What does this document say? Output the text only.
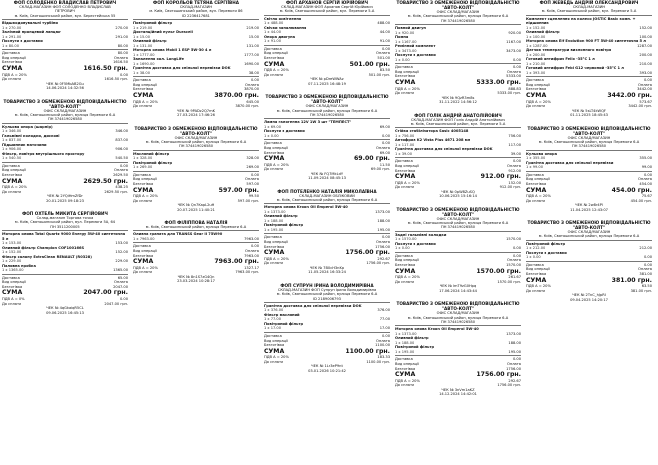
ФОП СОЛОДЕНКО ВЛАДИСЛАВ ПЕТРОВИЧ
СКЛАД-МАГАЗИН ФОП СОЛОДЕНКО ВЛАДИСЛАВ
ПЕТРОВИЧ
м. Київ, Святошинський район, вул. Берестейська 55
Відшкодовувальні турбіни
1 x 270.00	270.00
Залізний пронцевий ланцюг
1 x 291.00	291.00
Послуги з доставки
1 x 80.00	80.00
Доставка	80.00
Вид операції	Оплата
Безготівка	1616.50
СУМА	1616.50 грн.
ПДВ А = 20%	0.00
До сплати	1616.50 грн.
ЧЕК № 0F5MbAB2Gu
14.06.2024 14:32:56
ТОВАРИСТВО З ОБМЕЖЕНОЮ ВІДПОВІДАЛЬНІСТЮ "АВТО-КОЛТ"
ОФІС СКЛАД/МАГАЗИН
м. Київ, Святошинський район, вулиця Перемоги 6-А
ПН 374419026580
Кульова опора (шарнір)
1 x 346.00	346.00
Гальмівні колодки, дискові
1 x 837.00	837.00
Підшипник маточини
1 x 906.00	906.00
Фільтр, повітря внутрішнього простору
1 x 540.50	540.50
Доставка	0.00
Вид операції	Оплата
Безготівка	2629.50
СУМА	2629.50 грн.
ПДВ А = 20%	438.25
До сплати	2629.50 грн.
ЧЕК № 2YQiHmZfDr
20.01.2025 09:18:23
ФОП ОХТЕЛЬ МИКИТА СЕРГІЙОВИЧ
Склад-магазин Торгова точка
м. Київ, Святошинський район, вул. Перемоги 5А, 64
ПН 3511200005
Моторна олива Total Quartz 9000 Energy 5W-40 синтетична 5 л
1 x 153.00	153.00
Оливний фільтр Champion COF100166S
1 x 152.00	152.00
Фільтр салону ExtraClean RENAULT (R0328)
1 x 229.00	229.00
Паливна пробка
1 x 1365.00	1365.00
Доставка	65.00
Вид операції	Оплата
Безготівка	2047.00
СУМА	2047.00 грн.
ПДВ А = 0%	0.00
До сплати	2047.00 грн.
ЧЕК № 4qGkaiqR5CL
09.06.2025 16:45:13
ФОП КОРОЛЬОВ ТЕТЯНА СЕРГІЇВНА
СКЛАД-МАГАЗИН
м. Київ, Святошинський район, вул. Перемоги 86
ID 2236417681
Повітряний фільтр
1 x 219.00	219.00
Дистанційний пульт Duracell
1 x 15.00	15.00
Оливний фільтр
1 x 131.00	131.00
Моторна олива Mobil 1 ESP 5W-30 4 л
1 x 1777.00	1777.00
Запалення хол. LongLife
1 x 1690.00	1690.00
Гранітна доставка для спільної перевізки DOK
1 x 38.00	38.00
Доставка	0.00
Вид операції	Оплата
Безготівка	3870.00
СУМА	3870.00 грн.
ПДВ А = 20%	645.00
До сплати	3870.00 грн.
ЧЕК № 9PADz2Q7mK
27.03.2024 17:46:26
ТОВАРИСТВО З ОБМЕЖЕНОЮ ВІДПОВІДАЛЬНІСТЮ "АВТО-КОЛТ"
ОФІС СКЛАД/МАГАЗИН
м. Київ, Святошинський район, вулиця Перемоги 6-А
ПН 374419026580
Масляний фільтр
1 x 328.00	328.00
Повітряний фільтр
1 x 269.00	269.00
Доставка	0.00
Вид операції	Оплата
Безготівка	597.00
СУМА	597.00 грн.
ПДВ А = 20%	99.50
До сплати	597.00 грн.
ЧЕК № Qn7KapL2uH
20.07.2025 11:40:21
ФОП ФІЛІППОВА НАТАЛІЯ
м. Київ, Святошинський район, вулиця Перемоги 6-А
Оливна граната для TRANSS Gear II 75W90
1 x 7963.00	7963.00
Доставка	0.00
Вид операції	Оплата
Безготівка	7963.00
СУМА	7963.00 грн.
ПДВ А = 20%	1327.17
До сплати	7963.00 грн.
ЧЕК № 8n1S7zG4Qn
23.03.2024 10:28:17
ФОП АРХАНОВ СЕРГІЙ ЮРІЙОВИЧ
СКЛАД-МАГАЗИН ФОП Арханов Сергій Юрійович
м. Київ, Святошинський район, вул. Перемоги 5-А
Світло освітлення
1 x 488.00	488.00
Свічки запалювання
1 x 44.00	44.00
Опора двигуна
1 x 91.00	91.00
Доставка	0.00
Вид операції	Оплата
Безготівка	501.00
СУМА	501.00 грн.
ПДВ А = 20%	83.50
До сплати	501.00 грн.
ЧЕК № pDreWWAz
07.11.2025 16:48:19
ТОВАРИСТВО З ОБМЕЖЕНОЮ ВІДПОВІДАЛЬНІСТЮ "АВТО-КОЛТ"
ОФІС СКЛАД/МАГАЗИН
м. Київ, Святошинський район, вулиця Перемоги 6-А
ПН 374419026580
Лампа галогенна 12V 1W 3 шт "ТЕМПЕСТ"
1 x 69.00	69.00
Послуги з доставки
1 x 0.00	0.00
Доставка	0.00
Вид операції	Оплата
Безготівка	69.00
СУМА	69.00 грн.
ПДВ А = 20%	11.50
До сплати	69.00 грн.
ЧЕК № FQ7MkLdY
11.09.2024 08:45:13
ФОП ПОТЕЛЕНКО НАТАЛІЯ МИКОЛАЇВНА
СКЛАД-МАГАЗИН ОБЛІКОВИЙ
м. Київ, Святошинський район, вулиця Перемоги 6-А
Моторна олива Kroon Oil Emperol 5W-40
1 x 1373.00	1373.00
Оливний фільтр
1 x 188.00	188.00
Повітряний фільтр
1 x 195.00	195.00
Доставка	0.00
Вид операції	Оплата
Безготівка	1756.00
СУМА	1756.00 грн.
ПДВ А = 20%	292.67
До сплати	1756.00 грн.
ЧЕК № 7B0cH3nKp
11.05.2024 16:33:24
ФОП СУПРУН ІРИНА ВОЛОДИМИРІВНА
СКЛАД-МАГАЗИН ФОП Супрун Ірина Володимирівна
м. Київ, Святошинський район, вулиця Перемоги 6-А
ID 2189006793
Гранітна доставка для спільної перевізки DOK
1 x 376.00	376.00
Фільтр масляний
1 x 77.00	77.00
Повітряний фільтр
1 x 17.00	17.00
Доставка	0.00
Вид операції	Оплата
Безготівка	1100.00
СУМА	1100.00 грн.
ПДВ А = 20%	183.33
До сплати	1100.00 грн.
ЧЕК № 1Lr3eP9nt
03.01.2026 10:21:42
ТОВАРИСТВО З ОБМЕЖЕНОЮ ВІДПОВІДАЛЬНІСТЮ "АВТО-КОЛТ"
ОФІС СКЛАД/МАГАЗИН
м. Київ, Святошинський район, вулиця Перемоги 6-А
ПН 374419026580
Повний двигун
1 x 920.00	920.00
Помпа
1 x 1167.00	1167.00
Ремінний комплект
1 x 3473.00	3473.00
Послуги з доставки
1 x 0.00	0.00
Доставка	0.00
Вид операції	Оплата
Безготівка	5333.00
СУМА	5333.00 грн.
ПДВ А = 20%	888.83
До сплати	5333.00 грн.
ЧЕК № 9QzR3m8s
31.11.2022 14:56:12
ФОП ГОЛІК АНДРІЙ АНАТОЛІЙОВИЧ
СКЛАД-МАГАЗИН ФОП Голік Андрій Анатолійович
м. Київ, Святошинський район, вул. Перемоги 5-А
Стійка стабілізатора Sasic 4005148
1 x 756.00	756.00
Антифриз K2 Vista Plus 4671 208 мл
1 x 117.00	117.00
Гранітна доставка для спільної перевізки DOK
1 x 39.00	39.00
Доставка	0.00
Вид операції	Оплата
Безготівка	912.00
СУМА	912.00 грн.
ПДВ А = 20%	152.00
До сплати	912.00 грн.
ЧЕК № 0pW8ZuSQ
10.06.2025 15:16:14
ТОВАРИСТВО З ОБМЕЖЕНОЮ ВІДПОВІДАЛЬНІСТЮ "АВТО-КОЛТ"
ОФІС СКЛАД/МАГАЗИН
м. Київ, Святошинський район, вулиця Перемоги 6-А
ПН 374419026580
Задні гальмівні колодки
1 x 1570.00	1570.00
Послуги з доставки
1 x 0.00	0.00
Доставка	0.00
Вид операції	Оплата
Безготівка	1570.00
СУМА	1570.00 грн.
ПДВ А = 20%	261.67
До сплати	1570.00 грн.
ЧЕК № lmT9zG0Hpq
17.06.2024 14:43:44
ТОВАРИСТВО З ОБМЕЖЕНОЮ ВІДПОВІДАЛЬНІСТЮ "АВТО-КОЛТ"
ОФІС СКЛАД/МАГАЗИН
м. Київ, Святошинський район, вулиця Перемоги 6-А
ПН 374419026580
Моторна олива Kroon Oil Emperol 5W-40
1 x 1373.00	1373.00
Оливний фільтр
1 x 188.00	188.00
Повітряний фільтр
1 x 195.00	195.00
Доставка	0.00
Вид операції	Оплата
Безготівка	1756.00
СУМА	1756.00 грн.
ПДВ А = 20%	292.67
До сплати	1756.00 грн.
ЧЕК № 3nVm1aKZ
14.12.2024 14:42:01
ФОП ЖЕВЕДЬ АНДРІЙ ОЛЕКСАНДРОВИЧ
СКЛАД-МАГАЗИН
м. Київ, Святошинський район, вул. Перемоги 5-А
Комплект сцеплення на колесо JOSTIC Basic комп. + підшипник
1 x 152.00	152.00
Оливний фільтр
1 x 100.00	100.00
Моторна олива Elf Evolution 900 FT 5W-40 синтетична 5 л
1 x 1287.00	1287.00
Датчик температури вихлопного повітря
1 x 200.00	200.00
Готовий антифриз Felix -35°С 1 л
1 x 210.00	210.00
Готовий антифриз Febi G12 червоний -35°С 1 л
1 x 393.00	393.00
Доставка	0.00
Вид операції	Оплата
Безготівка	3442.00
СУМА	3442.00 грн.
ПДВ А = 20%	573.67
До сплати	3442.00 грн.
ЧЕК № 5sLT4kWQF
01.11.2025 18:45:43
ТОВАРИСТВО З ОБМЕЖЕНОЮ ВІДПОВІДАЛЬНІСТЮ "АВТО-КОЛТ"
ОФІС СКЛАД/МАГАЗИН
м. Київ, Святошинський район, вулиця Перемоги 6-А
ПН 374419026580
Кульова опора
1 x 355.00	355.00
Гранітна доставка для спільної перевізки
1 x 99.00	99.00
Доставка	0.00
Вид операції	Оплата
Безготівка	454.00
СУМА	454.00 грн.
ПДВ А = 20%	75.67
До сплати	454.00 грн.
ЧЕК № 2w8r4Pl
11.04.2025 12:43:07
ТОВАРИСТВО З ОБМЕЖЕНОЮ ВІДПОВІДАЛЬНІСТЮ "АВТО-КОЛТ"
ОФІС СКЛАД/МАГАЗИН
м. Київ, Святошинський район, вулиця Перемоги 6-А
Повітряний фільтр
1 x 212.00	212.00
Послуги з доставки
1 x 0.00	0.00
Доставка	0.00
Вид операції	Оплата
Безготівка	381.00
СУМА	381.00 грн.
ПДВ А = 20%	63.50
До сплати	381.00 грн.
ЧЕК № 2TnC_hJpRI
09.04.2025 14:20:17
